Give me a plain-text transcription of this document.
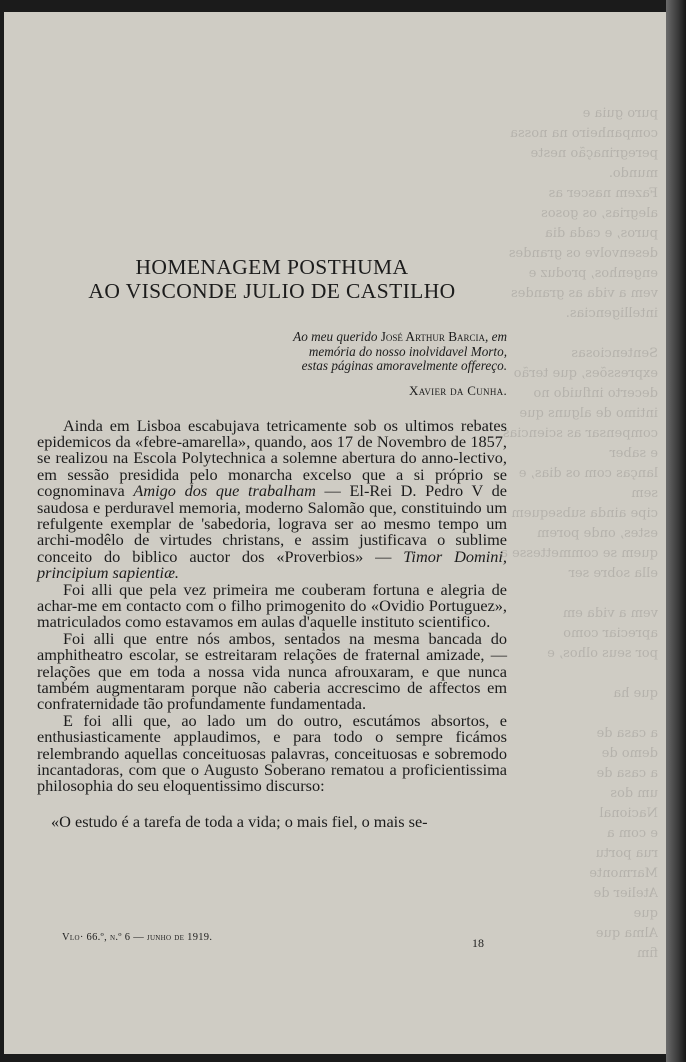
puro guia e companheiro na nossa peregrinação neste mundo.
Fazem nascer as alegrias, os gosos puros, e cada dia desenvolve os grandes engenhos, produz e vem a vida as grandes intelligencias.

Sentenciosas expressões, que terão decerto influido no intimo de alguns que
compensar as sciencias e saber
lanças com os dias, e sem
cipe ainda subsequem
estes, onde porem
quem se commettesse a
ella sobre ser

vem a vida em
apreciar como
por seus olhos, e

que ha

a casa de
demo de
a casa de
um dos
Nacional
e com a
rua portu
Marmonte
Atelier de
que
Alma que
fim
HOMENAGEM POSTHUMA
AO VISCONDE JULIO DE CASTILHO
Ao meu querido José Arthur Barcia, em
memória do nosso inolvidavel Morto,
estas páginas amoravelmente offereço.
Xavier da Cunha.

Ainda em Lisboa escabujava tetricamente sob os ultimos rebates epidemicos da «febre-amarella», quando, aos 17 de Novembro de 1857, se realizou na Escola Polytechnica a solemne abertura do anno-lectivo, em sessão presidida pelo monarcha excelso que a si próprio se cognominava Amigo dos que trabalham — El-Rei D. Pedro V de saudosa e perduravel memoria, moderno Salomão que, constituindo um refulgente exemplar de 'sabedoria, lograva ser ao mesmo tempo um archi-modêlo de virtudes christans, e assim justificava o sublime conceito do biblico auctor dos «Proverbios» — Timor Domini, principium sapientiæ.

Foi alli que pela vez primeira me couberam fortuna e alegria de achar-me em contacto com o filho primogenito do «Ovidio Portuguez», matriculados como estavamos em aulas d'aquelle instituto scientifico.

Foi alli que entre nós ambos, sentados na mesma bancada do amphitheatro escolar, se estreitaram relações de fraternal amizade, — relações que em toda a nossa vida nunca afrouxaram, e que nunca também augmentaram porque não caberia accrescimo de affectos em confraternidade tão profundamente fundamentada.

E foi alli que, ao lado um do outro, escutámos absortos, e enthusiasticamente applaudimos, e para todo o sempre ficámos relembrando aquellas conceituosas palavras, conceituosas e sobremodo incantadoras, com que o Augusto Soberano rematou a proficientissima philosophia do seu eloquentissimo discurso:

«O estudo é a tarefa de toda a vida; o mais fiel, o mais se-
Vlo· 66.º, n.º 6 — junho de 1919.	18
